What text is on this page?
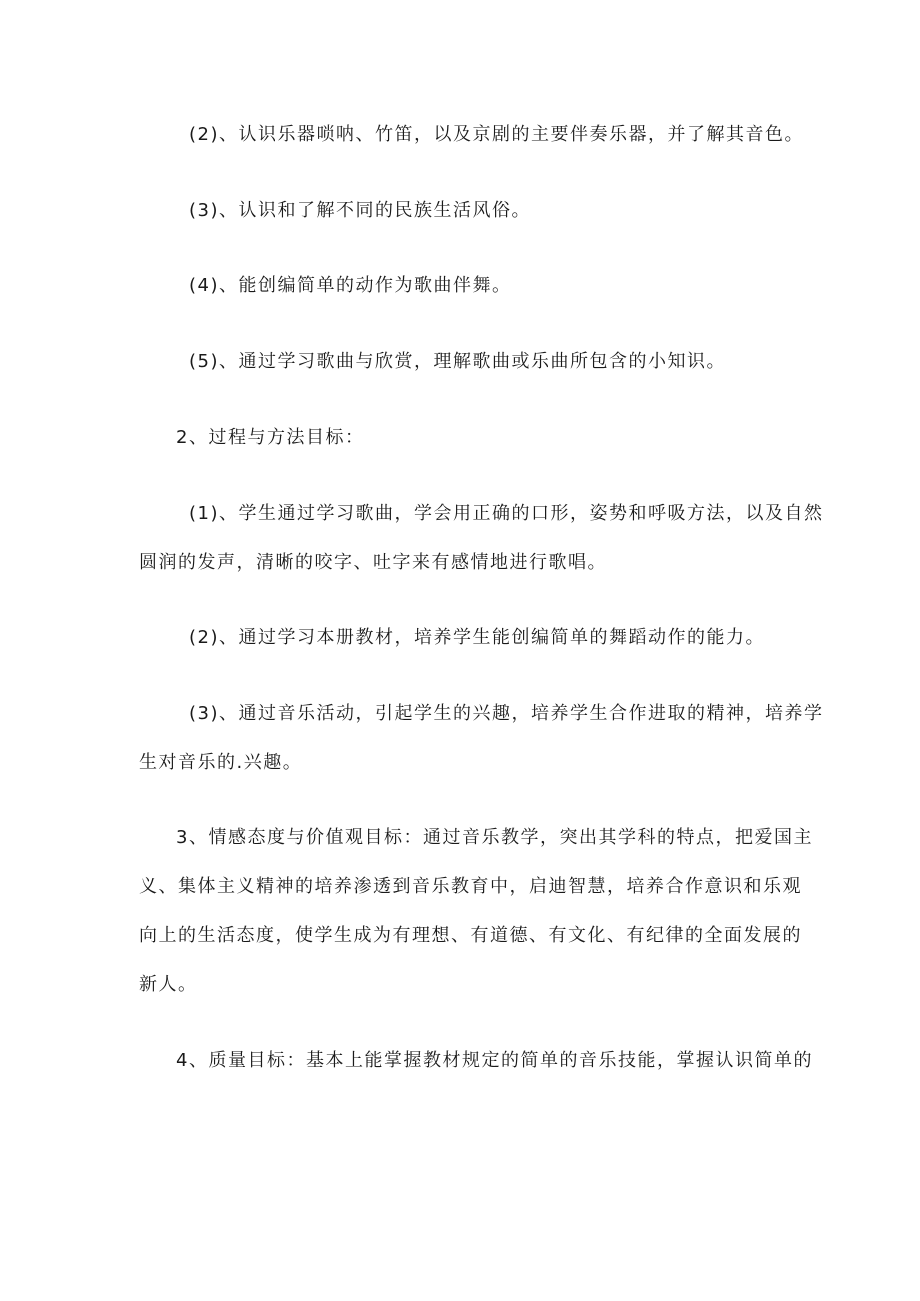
(2)、认识乐器唢呐、竹笛，以及京剧的主要伴奏乐器，并了解其音色。

(3)、认识和了解不同的民族生活风俗。

(4)、能创编简单的动作为歌曲伴舞。

(5)、通过学习歌曲与欣赏，理解歌曲或乐曲所包含的小知识。

2、过程与方法目标：

(1)、学生通过学习歌曲，学会用正确的口形，姿势和呼吸方法，以及自然
圆润的发声，清晰的咬字、吐字来有感情地进行歌唱。

(2)、通过学习本册教材，培养学生能创编简单的舞蹈动作的能力。

(3)、通过音乐活动，引起学生的兴趣，培养学生合作进取的精神，培养学
生对音乐的.兴趣。

3、情感态度与价值观目标：通过音乐教学，突出其学科的特点，把爱国主
义、集体主义精神的培养渗透到音乐教育中，启迪智慧，培养合作意识和乐观
向上的生活态度，使学生成为有理想、有道德、有文化、有纪律的全面发展的
新人。

4、质量目标：基本上能掌握教材规定的简单的音乐技能，掌握认识简单的
